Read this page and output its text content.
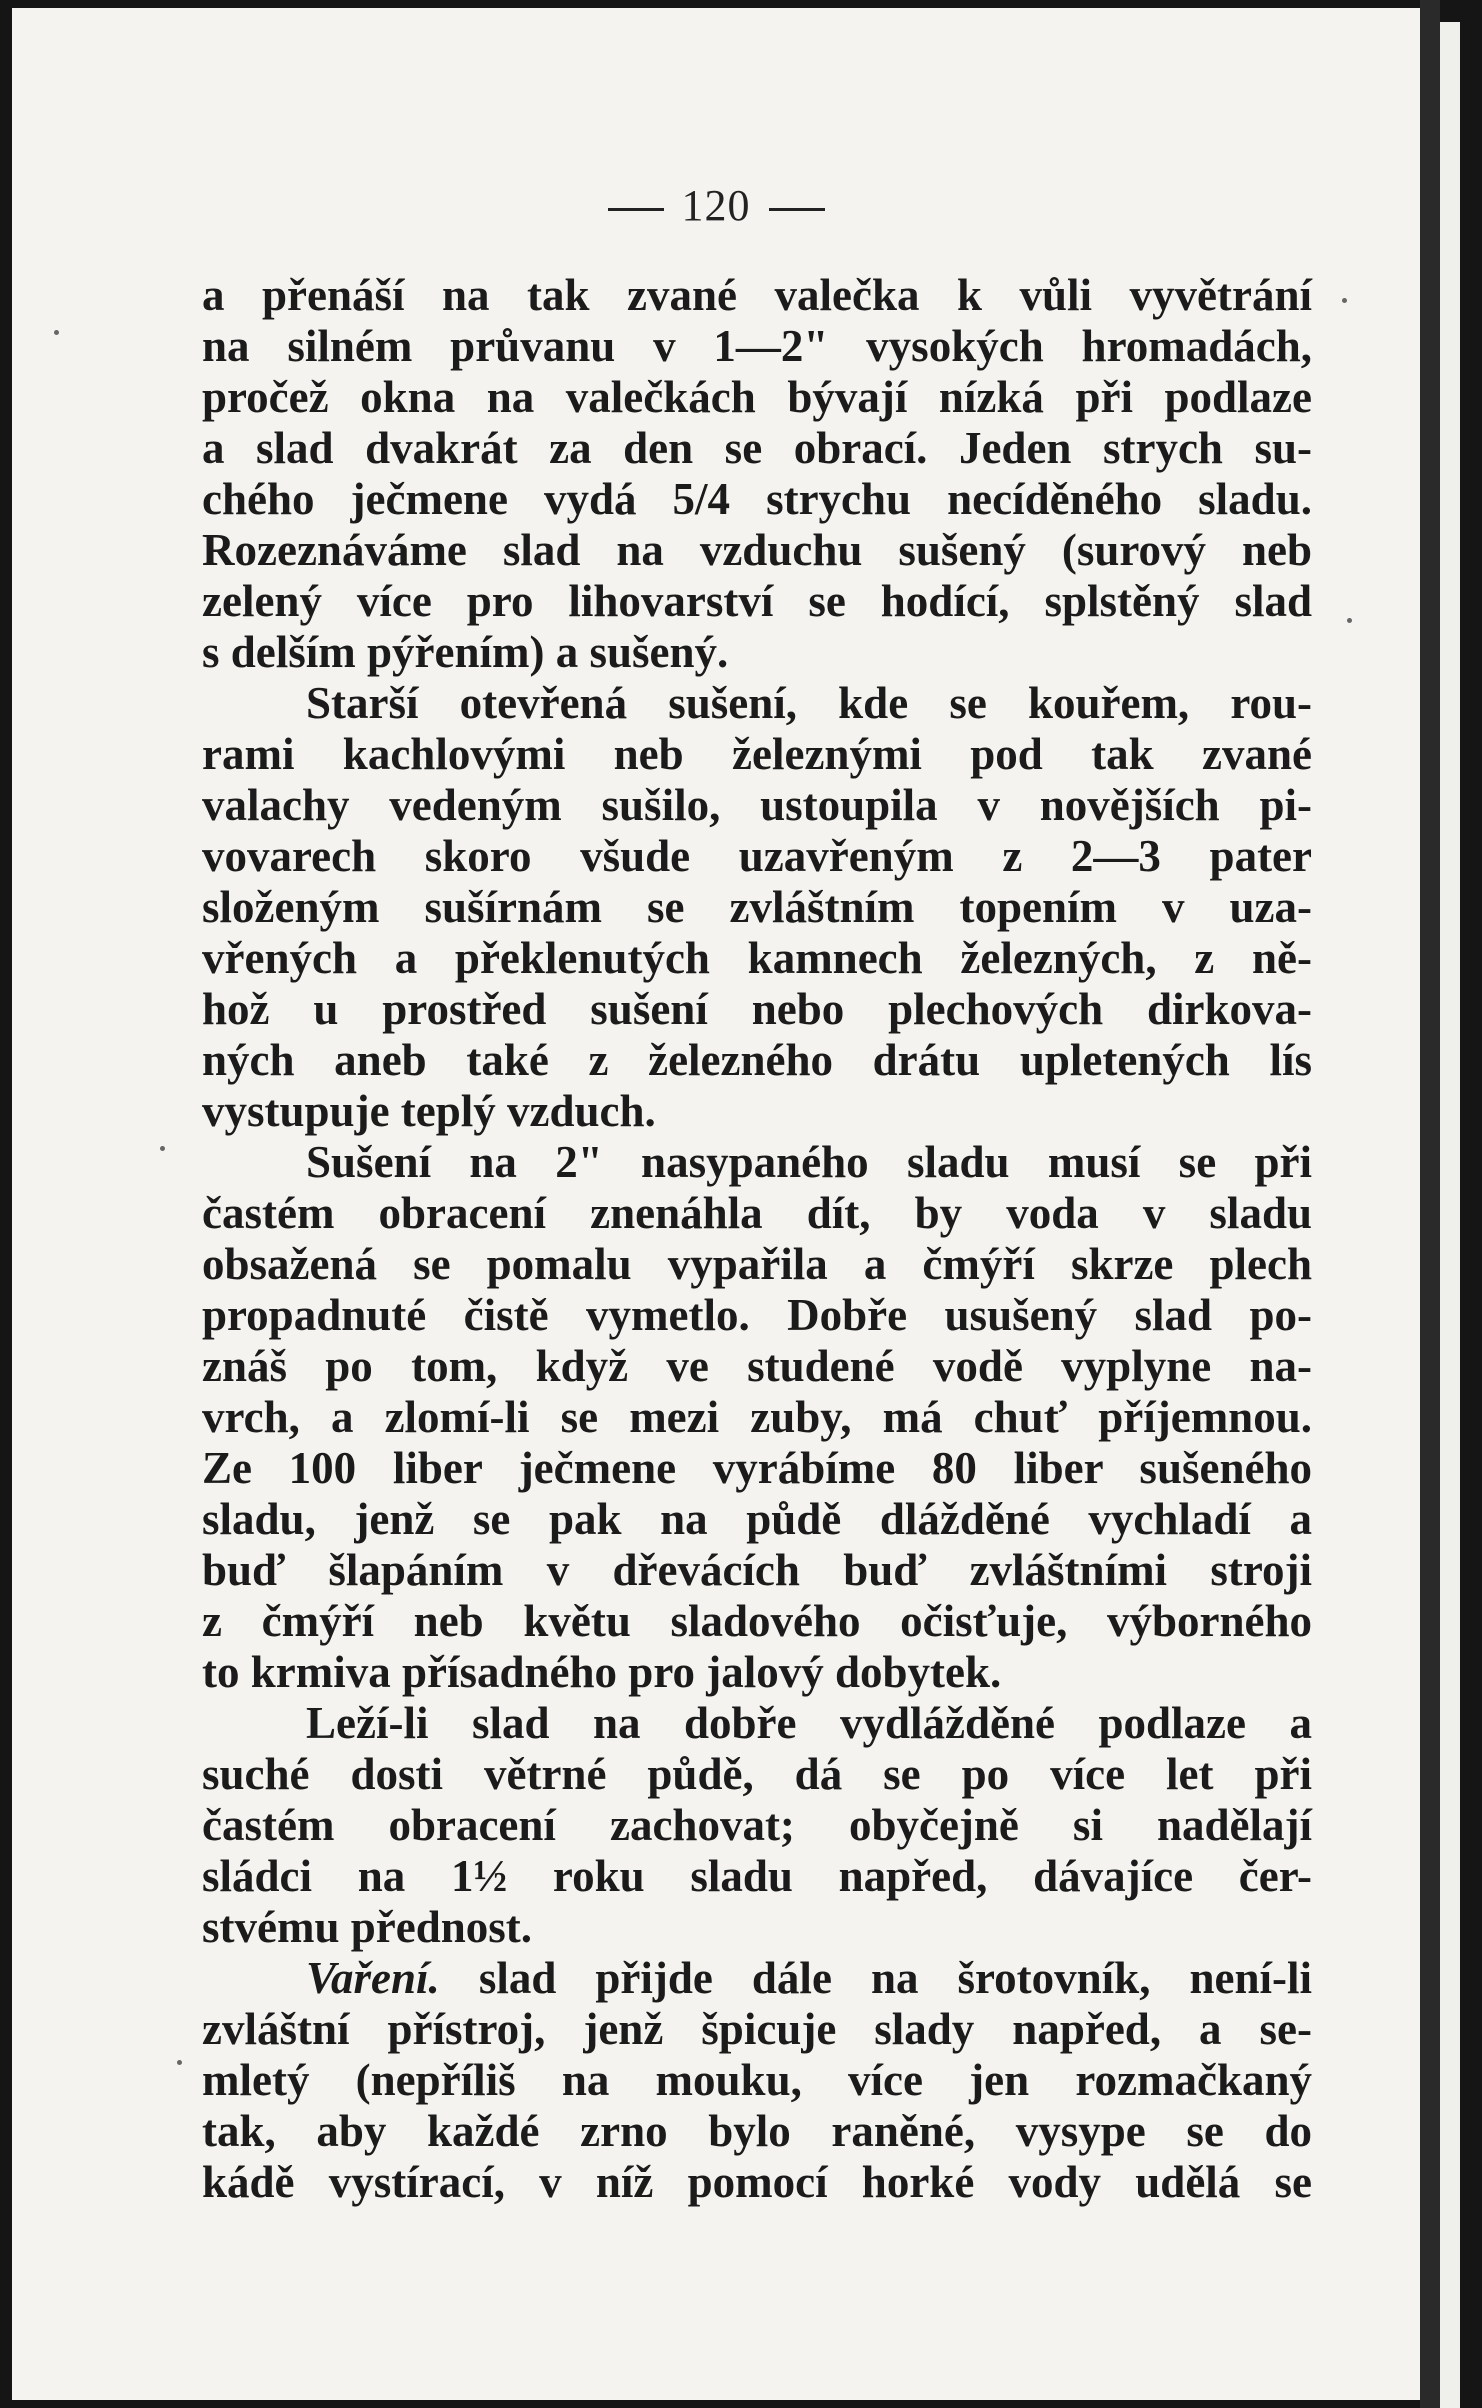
120
a přenáší na tak zvané valečka k vůli vyvětrání
na silném průvanu v 1—2" vysokých hromadách,
pročež okna na valečkách bývají nízká při podlaze
a slad dvakrát za den se obrací. Jeden strych su-
chého ječmene vydá 5/4 strychu necíděného sladu.
Rozeznáváme slad na vzduchu sušený (surový neb
zelený více pro lihovarství se hodící, splstěný slad
s delším pýřením) a sušený.
Starší otevřená sušení, kde se kouřem, rou-
rami kachlovými neb železnými pod tak zvané
valachy vedeným sušilo, ustoupila v novějších pi-
vovarech skoro všude uzavřeným z 2—3 pater
složeným sušírnám se zvláštním topením v uza-
vřených a překlenutých kamnech železných, z ně-
hož u prostřed sušení nebo plechových dirkova-
ných aneb také z železného drátu upletených lís
vystupuje teplý vzduch.
Sušení na 2" nasypaného sladu musí se při
častém obracení znenáhla dít, by voda v sladu
obsažená se pomalu vypařila a čmýří skrze plech
propadnuté čistě vymetlo. Dobře usušený slad po-
znáš po tom, když ve studené vodě vyplyne na-
vrch, a zlomí-li se mezi zuby, má chuť příjemnou.
Ze 100 liber ječmene vyrábíme 80 liber sušeného
sladu, jenž se pak na půdě dlážděné vychladí a
buď šlapáním v dřevácích buď zvláštními stroji
z čmýří neb květu sladového očisťuje, výborného
to krmiva přísadného pro jalový dobytek.
Leží-li slad na dobře vydlážděné podlaze a
suché dosti větrné půdě, dá se po více let při
častém obracení zachovat; obyčejně si nadělají
sládci na 1½ roku sladu napřed, dávajíce čer-
stvému přednost.
Vaření. slad přijde dále na šrotovník, není-li
zvláštní přístroj, jenž špicuje slady napřed, a se-
mletý (nepříliš na mouku, více jen rozmačkaný
tak, aby každé zrno bylo raněné, vysype se do
kádě vystírací, v níž pomocí horké vody udělá se
